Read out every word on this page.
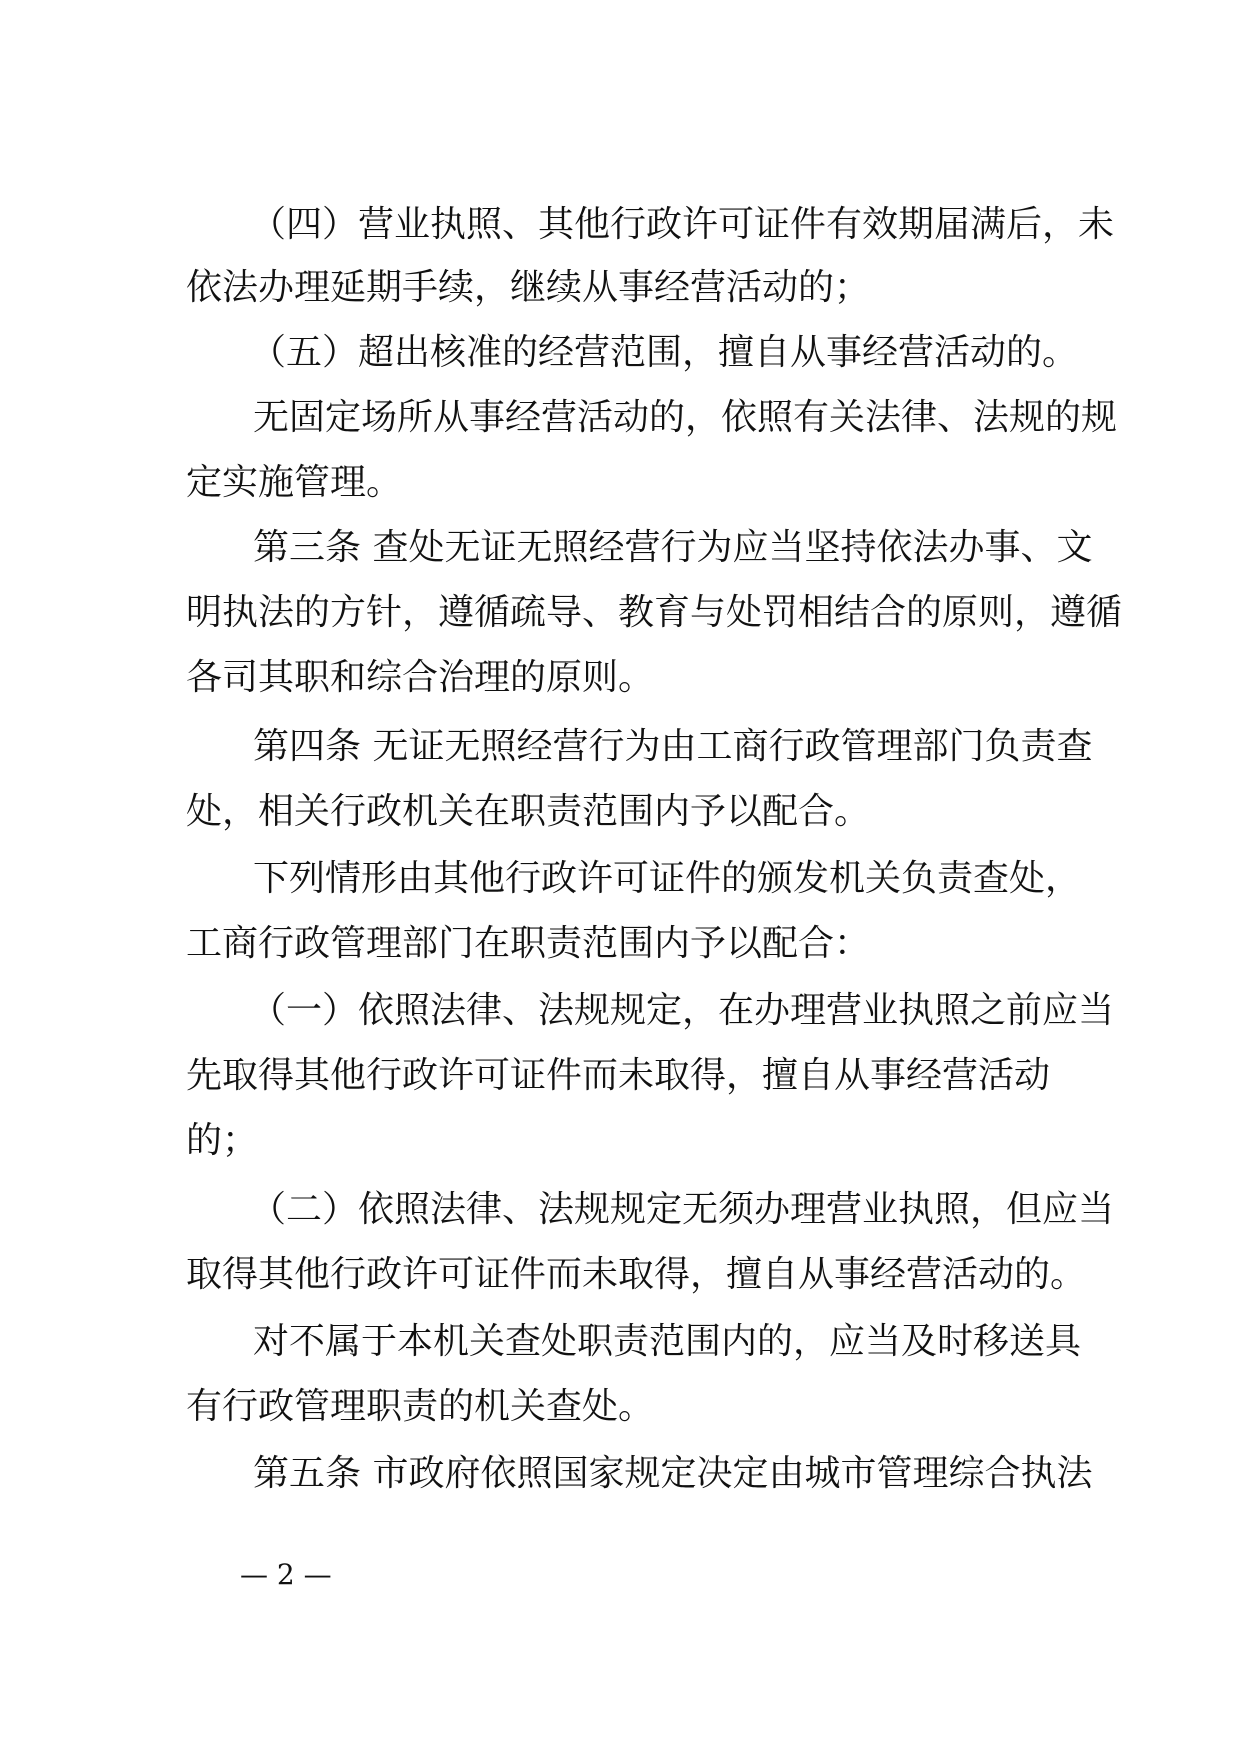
（四）营业执照、其他行政许可证件有效期届满后，未
依法办理延期手续，继续从事经营活动的；
（五）超出核准的经营范围，擅自从事经营活动的。
无固定场所从事经营活动的，依照有关法律、法规的规
定实施管理。
第三条 查处无证无照经营行为应当坚持依法办事、文
明执法的方针，遵循疏导、教育与处罚相结合的原则，遵循
各司其职和综合治理的原则。
第四条 无证无照经营行为由工商行政管理部门负责查
处，相关行政机关在职责范围内予以配合。
下列情形由其他行政许可证件的颁发机关负责查处，
工商行政管理部门在职责范围内予以配合：
（一）依照法律、法规规定，在办理营业执照之前应当
先取得其他行政许可证件而未取得，擅自从事经营活动
的；
（二）依照法律、法规规定无须办理营业执照，但应当
取得其他行政许可证件而未取得，擅自从事经营活动的。
对不属于本机关查处职责范围内的，应当及时移送具
有行政管理职责的机关查处。
第五条 市政府依照国家规定决定由城市管理综合执法
— 2 —
